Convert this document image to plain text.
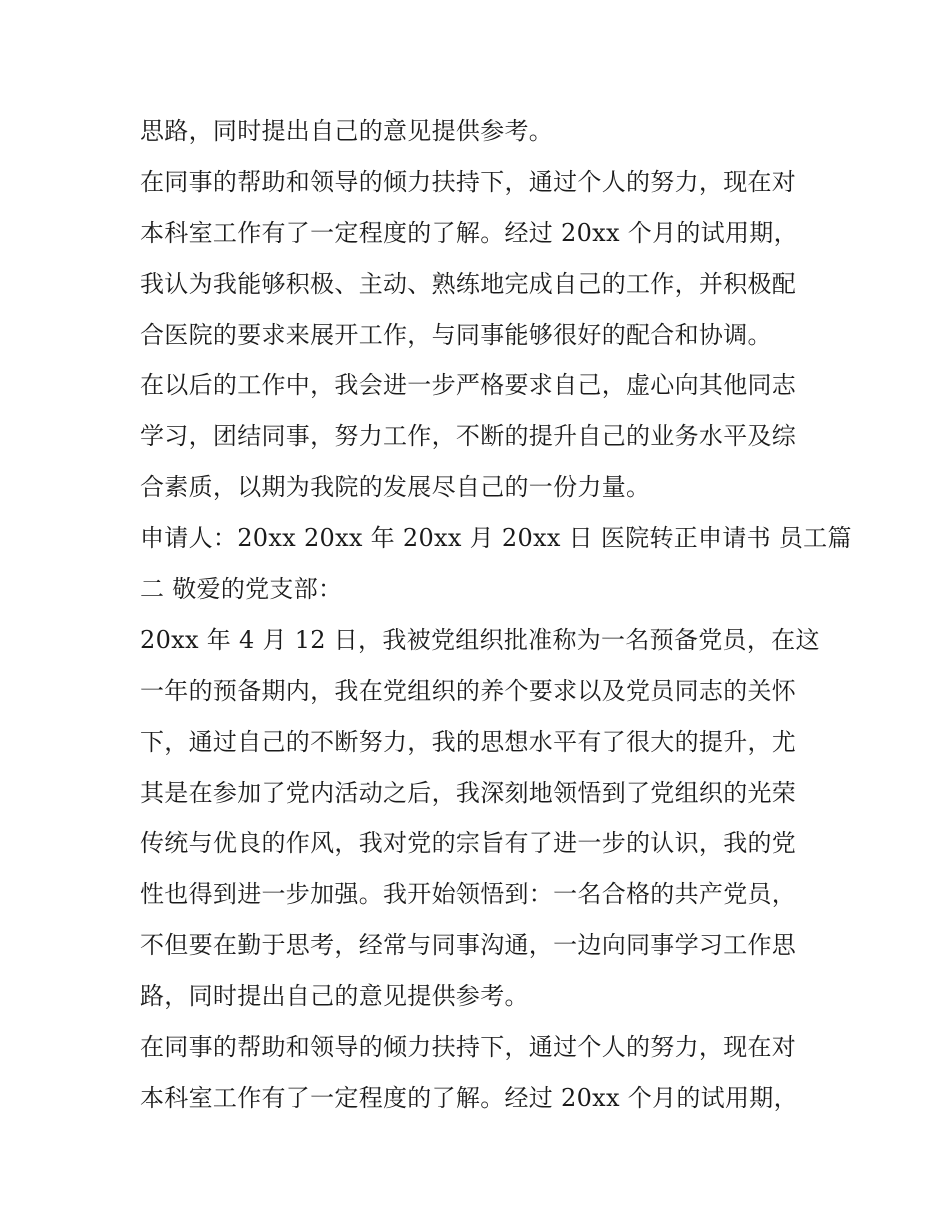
思路，同时提出自己的意见提供参考。
在同事的帮助和领导的倾力扶持下，通过个人的努力，现在对
本科室工作有了一定程度的了解。经过 20xx 个月的试用期，
我认为我能够积极、主动、熟练地完成自己的工作，并积极配
合医院的要求来展开工作，与同事能够很好的配合和协调。
在以后的工作中，我会进一步严格要求自己，虚心向其他同志
学习，团结同事，努力工作，不断的提升自己的业务水平及综
合素质，以期为我院的发展尽自己的一份力量。
申请人：20xx 20xx 年 20xx 月 20xx 日 医院转正申请书 员工篇
二 敬爱的党支部：
20xx 年 4 月 12 日，我被党组织批准称为一名预备党员，在这
一年的预备期内，我在党组织的养个要求以及党员同志的关怀
下，通过自己的不断努力，我的思想水平有了很大的提升，尤
其是在参加了党内活动之后，我深刻地领悟到了党组织的光荣
传统与优良的作风，我对党的宗旨有了进一步的认识，我的党
性也得到进一步加强。我开始领悟到：一名合格的共产党员，
不但要在勤于思考，经常与同事沟通，一边向同事学习工作思
路，同时提出自己的意见提供参考。
在同事的帮助和领导的倾力扶持下，通过个人的努力，现在对
本科室工作有了一定程度的了解。经过 20xx 个月的试用期，
